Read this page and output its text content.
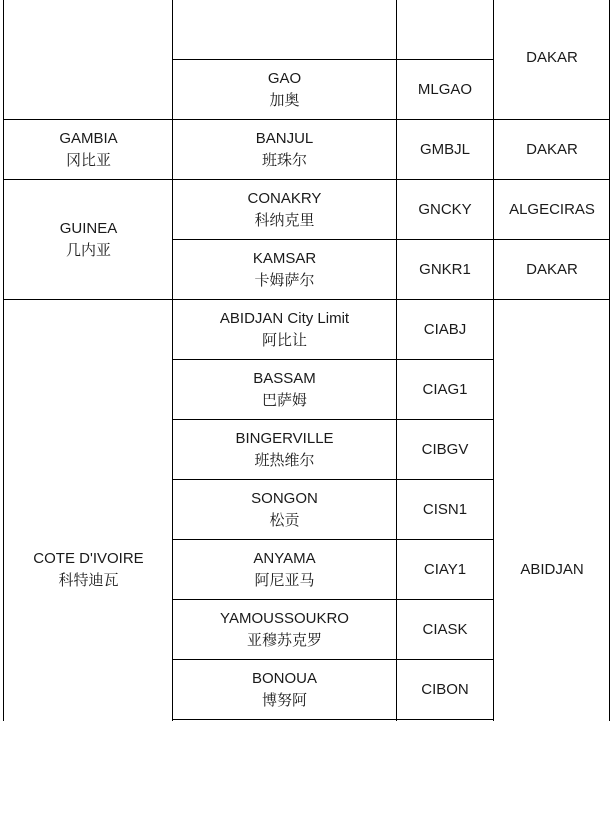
GAMBIA
冈比亚
GUINEA
几内亚
COTE D'IVOIRE
科特迪瓦
GAO
加奥
BANJUL
班珠尔
CONAKRY
科纳克里
KAMSAR
卡姆萨尔
ABIDJAN City Limit
阿比让
BASSAM
巴萨姆
BINGERVILLE
班热维尔
SONGON
松贡
ANYAMA
阿尼亚马
YAMOUSSOUKRO
亚穆苏克罗
BONOUA
博努阿
MLGAO
GMBJL
GNCKY
GNKR1
CIABJ
CIAG1
CIBGV
CISN1
CIAY1
CIASK
CIBON
DAKAR
DAKAR
ALGECIRAS
DAKAR
ABIDJAN
